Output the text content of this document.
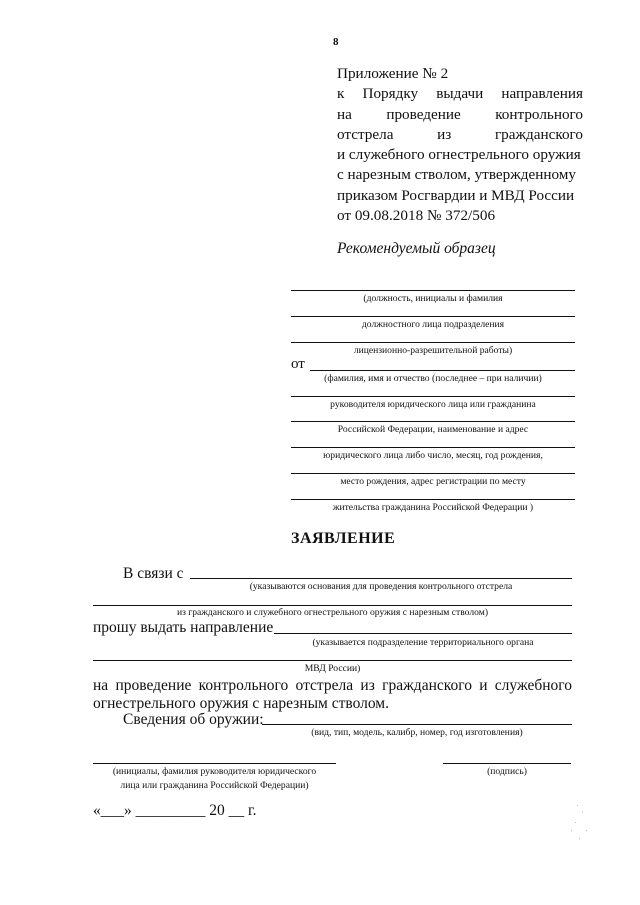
8
Приложение № 2
к Порядку выдачи направления
на проведение контрольного
отстрела	из	гражданского
и служебного огнестрельного оружия
с нарезным стволом, утвержденному
приказом Росгвардии и МВД России
от 09.08.2018 № 372/506
Рекомендуемый образец
(должность, инициалы и фамилия
должностного лица подразделения
лицензионно-разрешительной работы)
от
(фамилия, имя и отчество (последнее – при наличии)
руководителя юридического лица или гражданина
Российской Федерации, наименование и адрес
юридического лица либо число, месяц, год рождения,
место рождения, адрес регистрации по месту
жительства гражданина Российской Федерации )
ЗАЯВЛЕНИЕ
В связи с
(указываются основания для проведения контрольного отстрела
из гражданского и служебного огнестрельного оружия с нарезным стволом)
прошу выдать направление
(указывается подразделение территориального органа
МВД России)
на проведение контрольного отстрела из гражданского и служебного
огнестрельного оружия с нарезным стволом.
Сведения об оружии:
(вид, тип, модель, калибр, номер, год изготовления)
(инициалы, фамилия руководителя юридического
лица или гражданина Российской Федерации)
(подпись)
«___» _________ 20 __ г.
